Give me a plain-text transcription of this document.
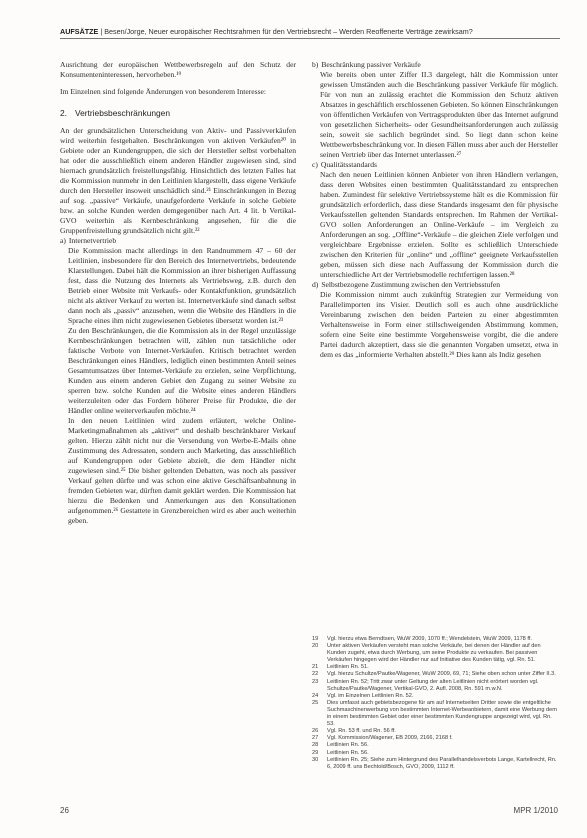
AUFSÄTZE | Besen/Jorge, Neuer europäischer Rechtsrahmen für den Vertriebsrecht – Werden Reoffenerte Verträge zewirksam?

Ausrichtung der europäischen Wettbewerbsregeln auf den Schutz der Konsumenteninteressen, hervorheben.¹⁹

Im Einzelnen sind folgende Änderungen von besonderem Interesse:

2. Vertriebsbeschränkungen

An der grundsätzlichen Unterscheidung von Aktiv- und Passivverkäufen wird weiterhin festgehalten. Beschränkungen von aktiven Verkäufen²⁰ in Gebiete oder an Kundengruppen, die sich der Hersteller selbst vorbehalten hat oder die ausschließlich einem anderen Händler zugewiesen sind, sind hiernach grundsätzlich freistellungsfähig. Hinsichtlich des letzten Falles hat die Kommission nunmehr in den Leitlinien klargestellt, dass eigene Verkäufe durch den Hersteller insoweit unschädlich sind.²¹ Einschränkungen in Bezug auf sog. „passive“ Verkäufe, unaufgeforderte Verkäufe in solche Gebiete bzw. an solche Kunden werden demgegenüber nach Art. 4 lit. b Vertikal-GVO weiterhin als Kernbeschränkung angesehen, für die die Gruppenfreistellung grundsätzlich nicht gilt.²²

a) Internetvertrieb

Die Kommission macht allerdings in den Randnummern 47 – 60 der Leitlinien, insbesondere für den Bereich des Internetvertriebs, bedeutende Klarstellungen. Dabei hält die Kommission an ihrer bisherigen Auffassung fest, dass die Nutzung des Internets als Vertriebsweg, z.B. durch den Betrieb einer Website mit Verkaufs- oder Kontaktfunktion, grundsätzlich nicht als aktiver Verkauf zu werten ist. Internetverkäufe sind danach selbst dann noch als „passiv“ anzusehen, wenn die Website des Händlers in die Sprache eines ihm nicht zugewiesenen Gebietes übersetzt worden ist.²³

Zu den Beschränkungen, die die Kommission als in der Regel unzulässige Kernbeschränkungen betrachten will, zählen nun tatsächliche oder faktische Verbote von Internet-Verkäufen. Kritisch betrachtet werden Beschränkungen eines Händlers, lediglich einen bestimmten Anteil seines Gesamtumsatzes über Internet-Verkäufe zu erzielen, seine Verpflichtung, Kunden aus einem anderen Gebiet den Zugang zu seiner Website zu sperren bzw. solche Kunden auf die Website eines anderen Händlers weiterzuleiten oder das Fordern höherer Preise für Produkte, die der Händler online weiterverkaufen möchte.²⁴

In den neuen Leitlinien wird zudem erläutert, welche Online-Marketingmaßnahmen als „aktiver“ und deshalb beschränkbarer Verkauf gelten. Hierzu zählt nicht nur die Versendung von Werbe-E-Mails ohne Zustimmung des Adressaten, sondern auch Marketing, das ausschließlich auf Kundengruppen oder Gebiete abzielt, die dem Händler nicht zugewiesen sind.²⁵ Die bisher geltenden Debatten, was noch als passiver Verkauf gelten dürfte und was schon eine aktive Geschäftsanbahnung in fremden Gebieten war, dürften damit geklärt werden. Die Kommission hat hierzu die Bedenken und Anmerkungen aus den Konsultationen aufgenommen.²⁶ Gestattete in Grenzbereichen wird es aber auch weiterhin geben.

b) Beschränkung passiver Verkäufe

Wie bereits oben unter Ziffer II.3 dargelegt, hält die Kommission unter gewissen Umständen auch die Beschränkung passiver Verkäufe für möglich. Für von nun an zulässig erachtet die Kommission den Schutz aktiven Absatzes in geschäftlich erschlossenen Gebieten. So können Einschränkungen von öffentlichen Verkäufen von Vertragsprodukten über das Internet aufgrund von gesetzlichen Sicherheits- oder Gesundheitsanforderungen auch zulässig sein, soweit sie sachlich begründet sind. So liegt dann schon keine Wettbewerbsbeschränkung vor. In diesen Fällen muss aber auch der Hersteller seinen Vertrieb über das Internet unterlassen.²⁷

c) Qualitätsstandards

Nach den neuen Leitlinien können Anbieter von ihren Händlern verlangen, dass deren Websites einen bestimmten Qualitätsstandard zu entsprechen haben. Zumindest für selektive Vertriebssysteme hält es die Kommission für grundsätzlich erforderlich, dass diese Standards insgesamt den für physische Verkaufsstellen geltenden Standards entsprechen. Im Rahmen der Vertikal-GVO sollen Anforderungen an Online-Verkäufe – im Vergleich zu Anforderungen an sog. „Offline“-Verkäufe – die gleichen Ziele verfolgen und vergleichbare Ergebnisse erzielen. Sollte es schließlich Unterschiede zwischen den Kriterien für „online“ und „offline“ geeignete Verkaufsstellen geben, müssen sich diese nach Auffassung der Kommission durch die unterschiedliche Art der Vertriebsmodelle rechtfertigen lassen.²⁸

d) Selbstbezogene Zustimmung zwischen den Vertriebsstufen

Die Kommission nimmt auch zukünftig Strategien zur Vermeidung von Parallelimporten ins Visier. Deutlich soll es auch ohne ausdrückliche Vereinbarung zwischen den beiden Parteien zu einer abgestimmten Verhaltensweise in Form einer stillschweigenden Abstimmung kommen, sofern eine Seite eine bestimmte Vorgehensweise vorgibt, die die andere Partei dadurch akzeptiert, dass sie die genannten Vorgaben umsetzt, etwa in dem es das „informierte Verhalten abstellt.²⁹ Dies kann als Indiz gesehen

19	Vgl. hierzu etwa Berndtsen, WuW 2009, 1070 ff.; Wendelstein, WuW 2009, 1178 ff.
20	Unter aktiven Verkäufen versteht man solche Verkäufe, bei denen der Händler auf den Kunden zugeht, etwa durch Werbung, um seine Produkte zu verkaufen. Bei passiven Verkäufen hingegen wird der Händler nur auf Initiative des Kunden tätig, vgl. Rn. 51.
21	Leitlinien Rn. 51.
22	Vgl. hierzu Schultze/Pautke/Wagener, WuW 2009, 69, 71; Siehe oben schon unter Ziffer II.3.
23	Leitlinien Rn. 52; Tritt zwar unter Geltung der alten Leitlinien nicht erörtert worden vgl. Schultze/Pautke/Wagener, Vertikal-GVO, 2. Aufl. 2008, Rn. 591 m.w.N.
24	Vgl. im Einzelnen Leitlinien Rn. 52.
25	Dies umfasst auch gebietsbezogene für am auf Internetseiten Dritter sowie die entgeltliche Suchmaschinenwerbung von bestimmten Internet-Werbeanbietern, damit eine Werbung dem in einem bestimmten Gebiet oder einer bestimmten Kundengruppe angezeigt wird, vgl. Rn. 53.
26	Vgl. Rn. 53 ff. und Rn. 56 ff.
27	Vgl. Kommission/Wagener, EB 2009, 2166, 2168 f.
28	Leitlinien Rn. 56.
29	Leitlinien Rn. 56.
30	Leitlinien Rn. 25; Siehe zum Hintergrund des Parallelhandelsverbots Lange, Kartellrecht, Rn. 6, 2009 ff. uns Bechtold/Bosch, GVO, 2009, 1112 ff.
26	MPR 1/2010
